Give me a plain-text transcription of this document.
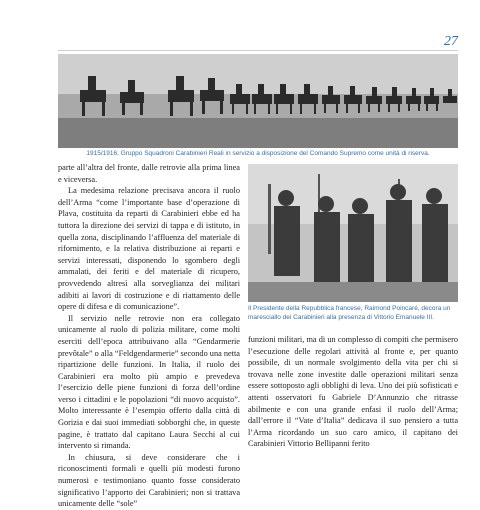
27
1915/1916. Gruppo Squadroni Carabinieri Reali in servizio a disposizione del Comando Supremo come unità di riserva.

parte all’altra del fronte, dalle retrovie alla prima linea e viceversa.

La medesima relazione precisava ancora il ruolo dell’Arma “come l’importante base d’operazione di Plava, costituita da reparti di Carabinieri ebbe ed ha tuttora la direzione dei servizi di tappa e di istituto, in quella zona, disciplinando l’affluenza del materiale di rifornimento, e la relativa distribuzione ai reparti e servizi interessati, disponendo lo sgombero degli ammalati, dei feriti e del materiale di ricupero, provvedendo altresì alla sorveglianza dei militari adibiti ai lavori di costruzione e di riattamento delle opere di difesa e di comunicazione”.

Il servizio nelle retrovie non era collegato unicamente al ruolo di polizia militare, come molti eserciti dell’epoca attribuivano alla “Gendarmerie prevôtale” o alla “Feldgendarmerie” secondo una netta ripartizione delle funzioni. In Italia, il ruolo dei Carabinieri era molto più ampio e prevedeva l’esercizio delle piene funzioni di forza dell’ordine verso i cittadini e le popolazioni “di nuovo acquisto”. Molto interessante è l’esempio offerto dalla città di Gorizia e dai suoi immediati sobborghi che, in queste pagine, è trattato dal capitano Laura Secchi al cui intervento si rimanda.

In chiusura, si deve considerare che i riconoscimenti formali e quelli più modesti furono numerosi e testimoniano quanto fosse considerato significativo l’apporto dei Carabinieri; non si trattava unicamente delle “sole”

Il Presidente della Repubblica francese, Raimond Poincaré, decora un maresciallo dei Carabinieri alla presenza di Vittorio Emanuele III.

funzioni militari, ma di un complesso di compiti che permisero l’esecuzione delle regolari attività al fronte e, per quanto possibile, di un normale svolgimento della vita per chi si trovava nelle zone investite dalle operazioni militari senza essere sottoposto agli obblighi di leva. Uno dei più sofisticati e attenti osservatori fu Gabriele D’Annunzio che ritrasse abilmente e con una grande enfasi il ruolo dell’Arma; dall’errore il “Vate d’Italia” dedicava il suo pensiero a tutta l’Arma ricordando un suo caro amico, il capitano dei Carabinieri Vittorio Bellipanni ferito
